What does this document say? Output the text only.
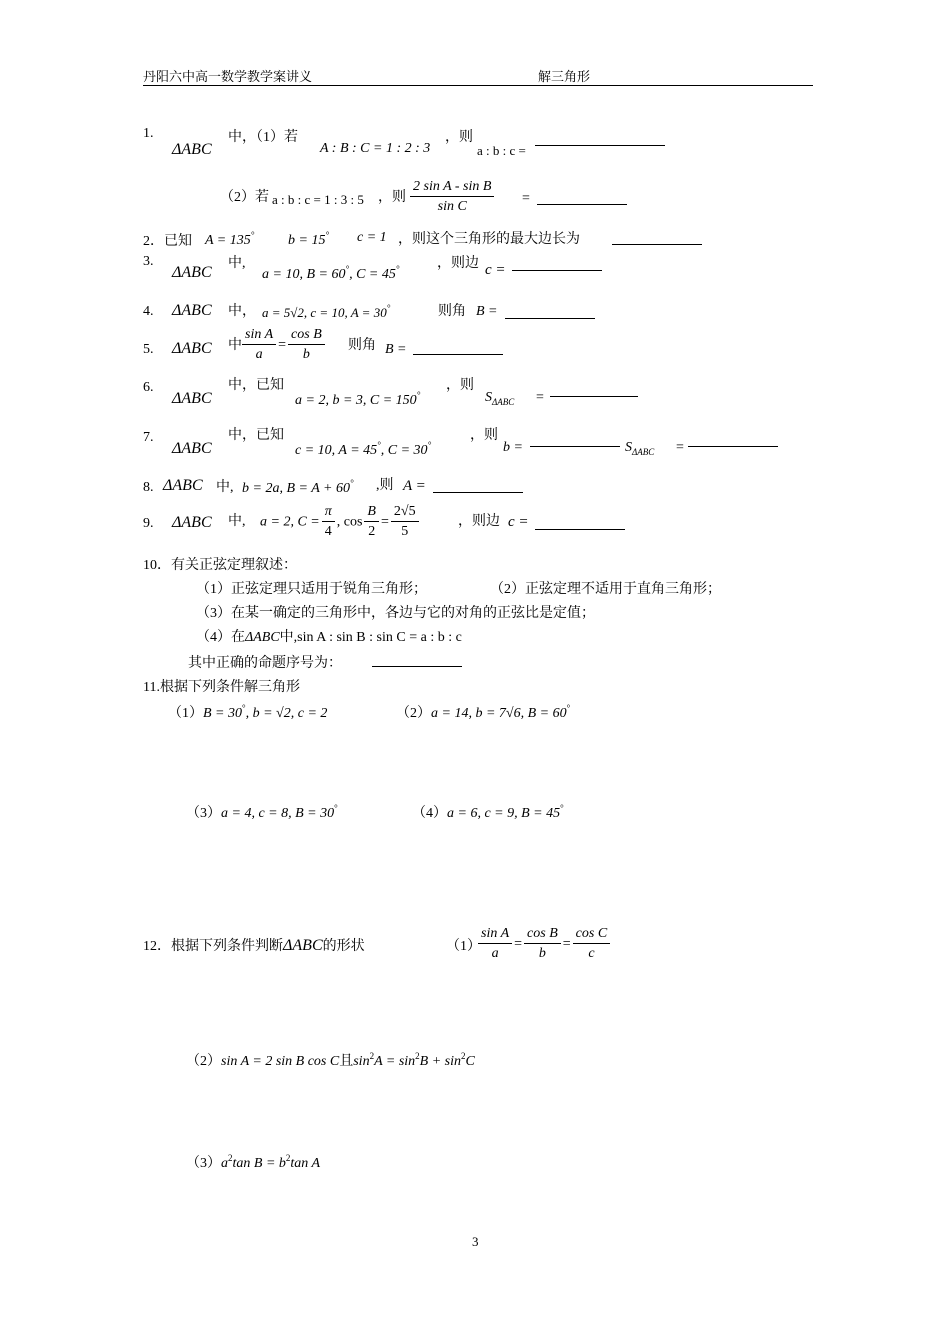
丹阳六中高一数学教学案讲义	解三角形
1.
ΔABC
中，（1）若
A : B : C = 1 : 2 : 3
，则
a : b : c =
（2）若 a : b : c = 1 : 3 : 5 ，则 $\frac{\text{2 sin A - sin B}}{\text{sin C}}$ =
2．已知 A = 135° b = 15° c = 1 ，则这个三角形的最大边长为
3.
ΔABC
中,
a = 10, B = 60°, C = 45°	，则边 c =
4. ΔABC 中， a = 5√2, c = 10, A = 30°	则角 B =
5. ΔABC 中 $\frac{\text{sin A}}{a} = \frac{\text{cos B}}{b}$ 则角 B =
6.
ΔABC
中，已知
a = 2, b = 3, C = 150°
，则
$S_{\Delta ABC}$ =
7.
ΔABC
中，已知
c = 10, A = 45°, C = 30°
，则
b =	$S_{\Delta ABC}$ =
8. ΔABC 中, b = 2a, B = A + 60° ,则 A =
9. ΔABC 中, a = 2, $C = \frac{\pi}{4}$ , $\cos \frac{B}{2} = \frac{2√5}{5}$	，则边 c =
10．有关正弦定理叙述：
（1）正弦定理只适用于锐角三角形；	（2）正弦定理不适用于直角三角形；
（3）在某一确定的三角形中，各边与它的对角的正弦比是定值；
（4）在ΔABC中,sin A : sin B : sin C = a : b : c
其中正确的命题序号为：
11.根据下列条件解三角形
（1）B = 30°, b = √2, c = 2	（2）a = 14, b = 7√6, B = 60°
（3）a = 4, c = 8, B = 30°	（4）a = 6, c = 9, B = 45°
12．根据下列条件判断ΔABC的形状	（1）
$\frac{\text{sin A}}{a} = \frac{\text{cos B}}{b} = \frac{\text{cos C}}{c}$
（2）sin A = 2 sin B cos C且$\sin^2A = \sin^2B + \sin^2C$
$(3)a^2\tan$ $B = b^2\tan$ A
3
